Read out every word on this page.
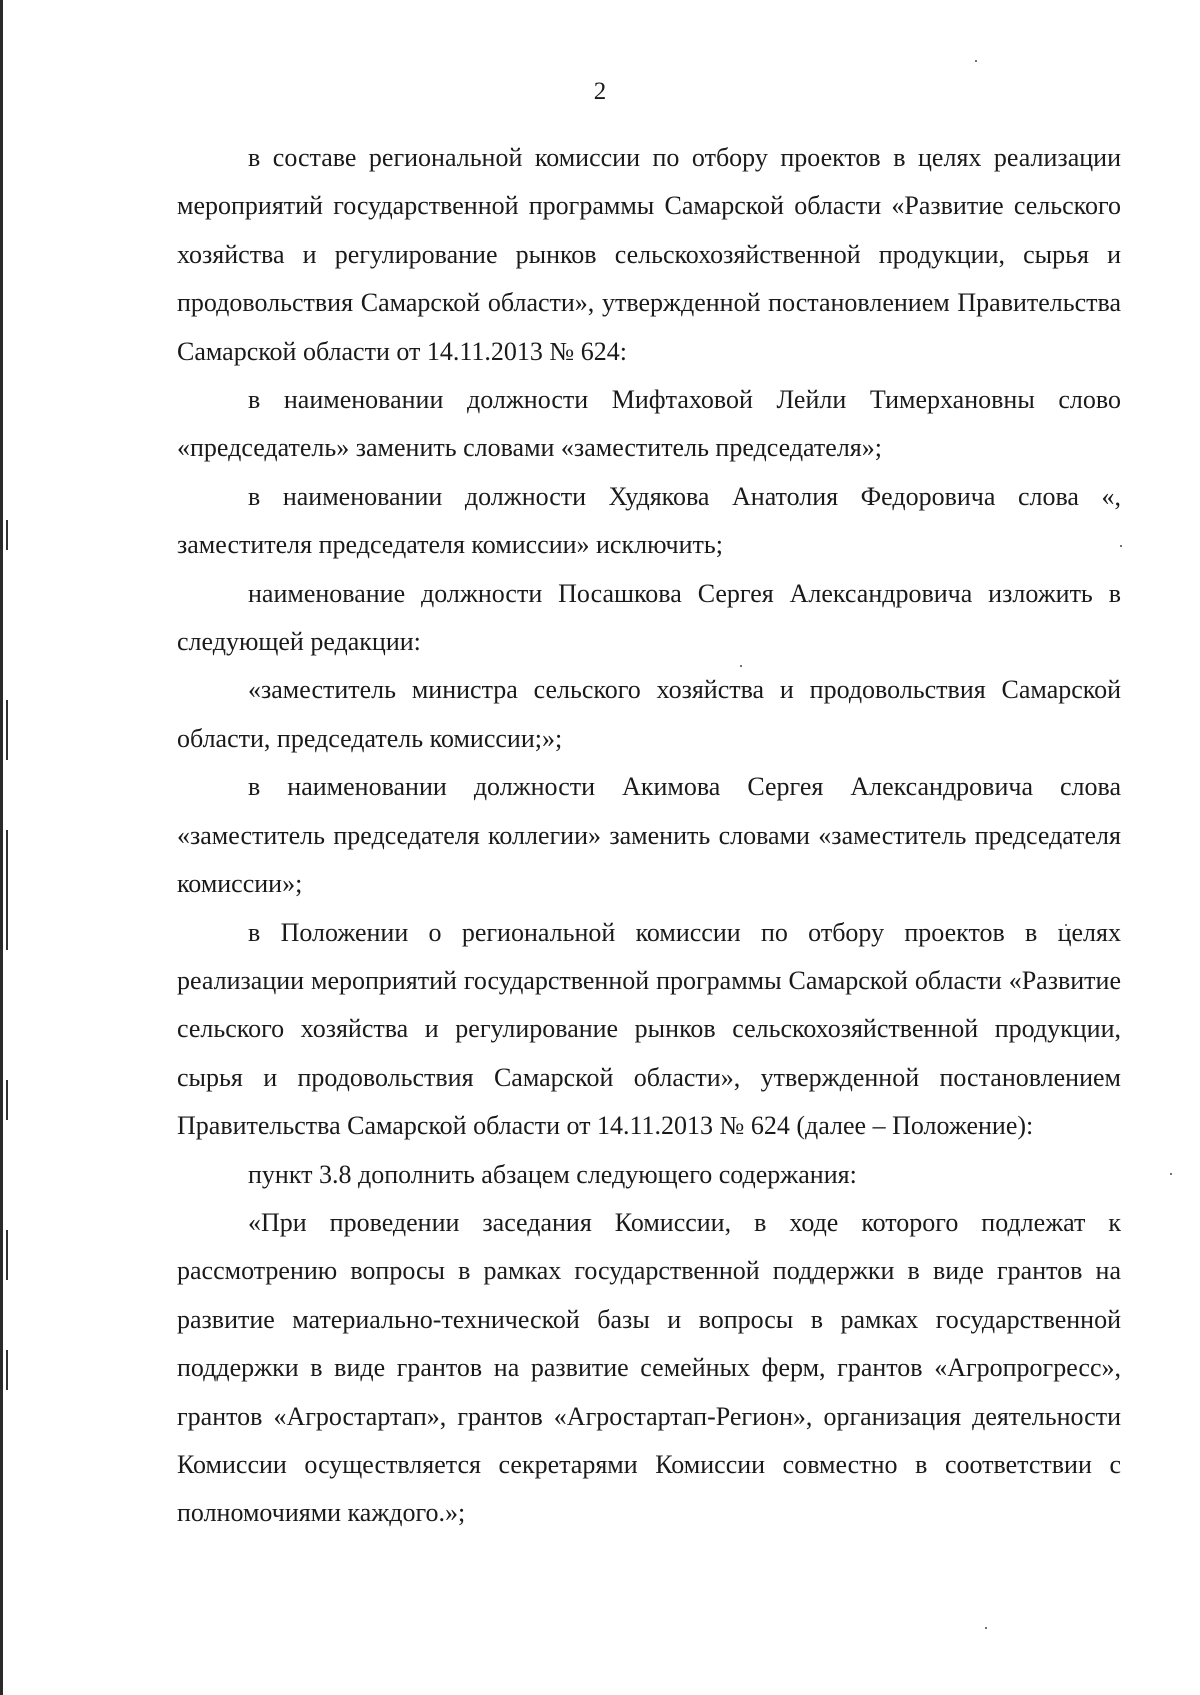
2

в составе региональной комиссии по отбору проектов в целях реализации мероприятий государственной программы Самарской области «Развитие сельского хозяйства и регулирование рынков сельскохозяйственной продукции, сырья и продовольствия Самарской области», утвержденной постановлением Правительства Самарской области от 14.11.2013 № 624:

в наименовании должности Мифтаховой Лейли Тимерхановны слово «председатель» заменить словами «заместитель председателя»;

в наименовании должности Худякова Анатолия Федоровича слова «, заместителя председателя комиссии» исключить;

наименование должности Посашкова Сергея Александровича изложить в следующей редакции:

«заместитель министра сельского хозяйства и продовольствия Самарской области, председатель комиссии;»;

в наименовании должности Акимова Сергея Александровича слова «заместитель председателя коллегии» заменить словами «заместитель председателя комиссии»;

в Положении о региональной комиссии по отбору проектов в целях реализации мероприятий государственной программы Самарской области «Развитие сельского хозяйства и регулирование рынков сельскохозяйственной продукции, сырья и продовольствия Самарской области», утвержденной постановлением Правительства Самарской области от 14.11.2013 № 624 (далее – Положение):

пункт 3.8 дополнить абзацем следующего содержания:

«При проведении заседания Комиссии, в ходе которого подлежат к рассмотрению вопросы в рамках государственной поддержки в виде грантов на развитие материально-технической базы и вопросы в рамках государственной поддержки в виде грантов на развитие семейных ферм, грантов «Агропрогресс», грантов «Агростартап», грантов «Агростартап-Регион», организация деятельности Комиссии осуществляется секретарями Комиссии совместно в соответствии с полномочиями каждого.»;
